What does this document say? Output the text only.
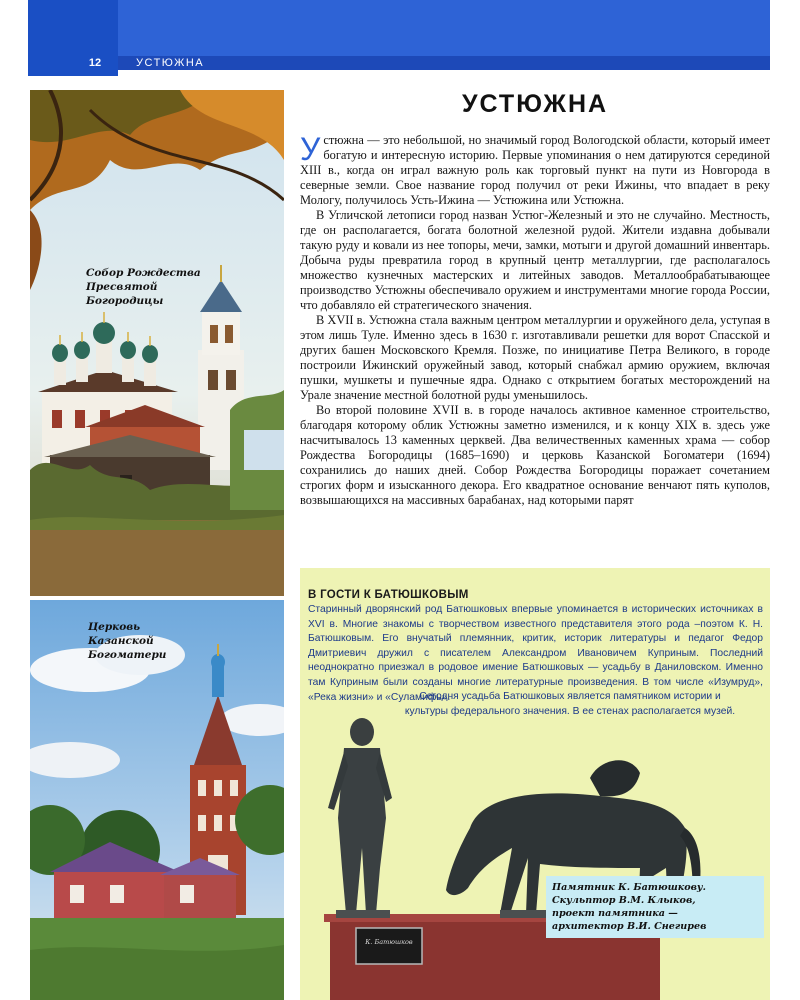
12	УСТЮЖНА
Собор Рождества
Пресвятой
Богородицы
Церковь
Казанской
Богоматери
УСТЮЖНА

Устюжна — это небольшой, но значимый город Вологодской области, который имеет богатую и интересную историю. Первые упоминания о нем датируются серединой XIII в., когда он играл важную роль как торговый пункт на пути из Новгорода в северные земли. Свое название город получил от реки Ижины, что впадает в реку Мологу, получилось Усть-Ижина — Устюжина или Устюжна.

В Угличской летописи город назван Устюг-Железный и это не случайно. Местность, где он располагается, богата болотной железной рудой. Жители издавна добывали такую руду и ковали из нее топоры, мечи, замки, мотыги и другой домашний инвентарь. Добыча руды превратила город в крупный центр металлургии, где располагалось множество кузнечных мастерских и литейных заводов. Металлообрабатывающее производство Устюжны обеспечивало оружием и инструментами многие города России, что добавляло ей стратегического значения.

В XVII в. Устюжна стала важным центром металлургии и оружейного дела, уступая в этом лишь Туле. Именно здесь в 1630 г. изготавливали решетки для ворот Спасской и других башен Московского Кремля. Позже, по инициативе Петра Великого, в городе построили Ижинский оружейный завод, который снабжал армию оружием, включая пушки, мушкеты и пушечные ядра. Однако с открытием богатых месторождений на Урале значение местной болотной руды уменьшилось.

Во второй половине XVII в. в городе началось активное каменное строительство, благодаря которому облик Устюжны заметно изменился, и к концу XIX в. здесь уже насчитывалось 13 каменных церквей. Два величественных каменных храма — собор Рождества Богородицы (1685–1690) и церковь Казанской Богоматери (1694) сохранились до наших дней. Собор Рождества Богородицы поражает сочетанием строгих форм и изысканного декора. Его квадратное основание венчают пять куполов, возвышающихся на массивных барабанах, над которыми парят

В ГОСТИ К БАТЮШКОВЫМ
Старинный дворянский род Батюшковых впервые упоминается в исторических источниках в XVI в. Многие знакомы с творчеством известного представителя этого рода –поэтом К. Н. Батюшковым. Его внучатый племянник, критик, историк литературы и педагог Федор Дмитриевич дружил с писателем Александром Ивановичем Куприным. Последний неоднократно приезжал в родовое имение Батюшковых — усадьбу в Даниловском. Именно там Куприным были созданы многие литературные произведения. В том числе «Изумруд», «Река жизни» и «Суламифь».
Сегодня усадьба Батюшковых является памятником истории и культуры федерального значения. В ее стенах располагается музей.
К. Батюшков
Памятник К. Батюшкову.
Скульптор В.М. Клыков,
проект памятника —
архитектор В.И. Снегирев
